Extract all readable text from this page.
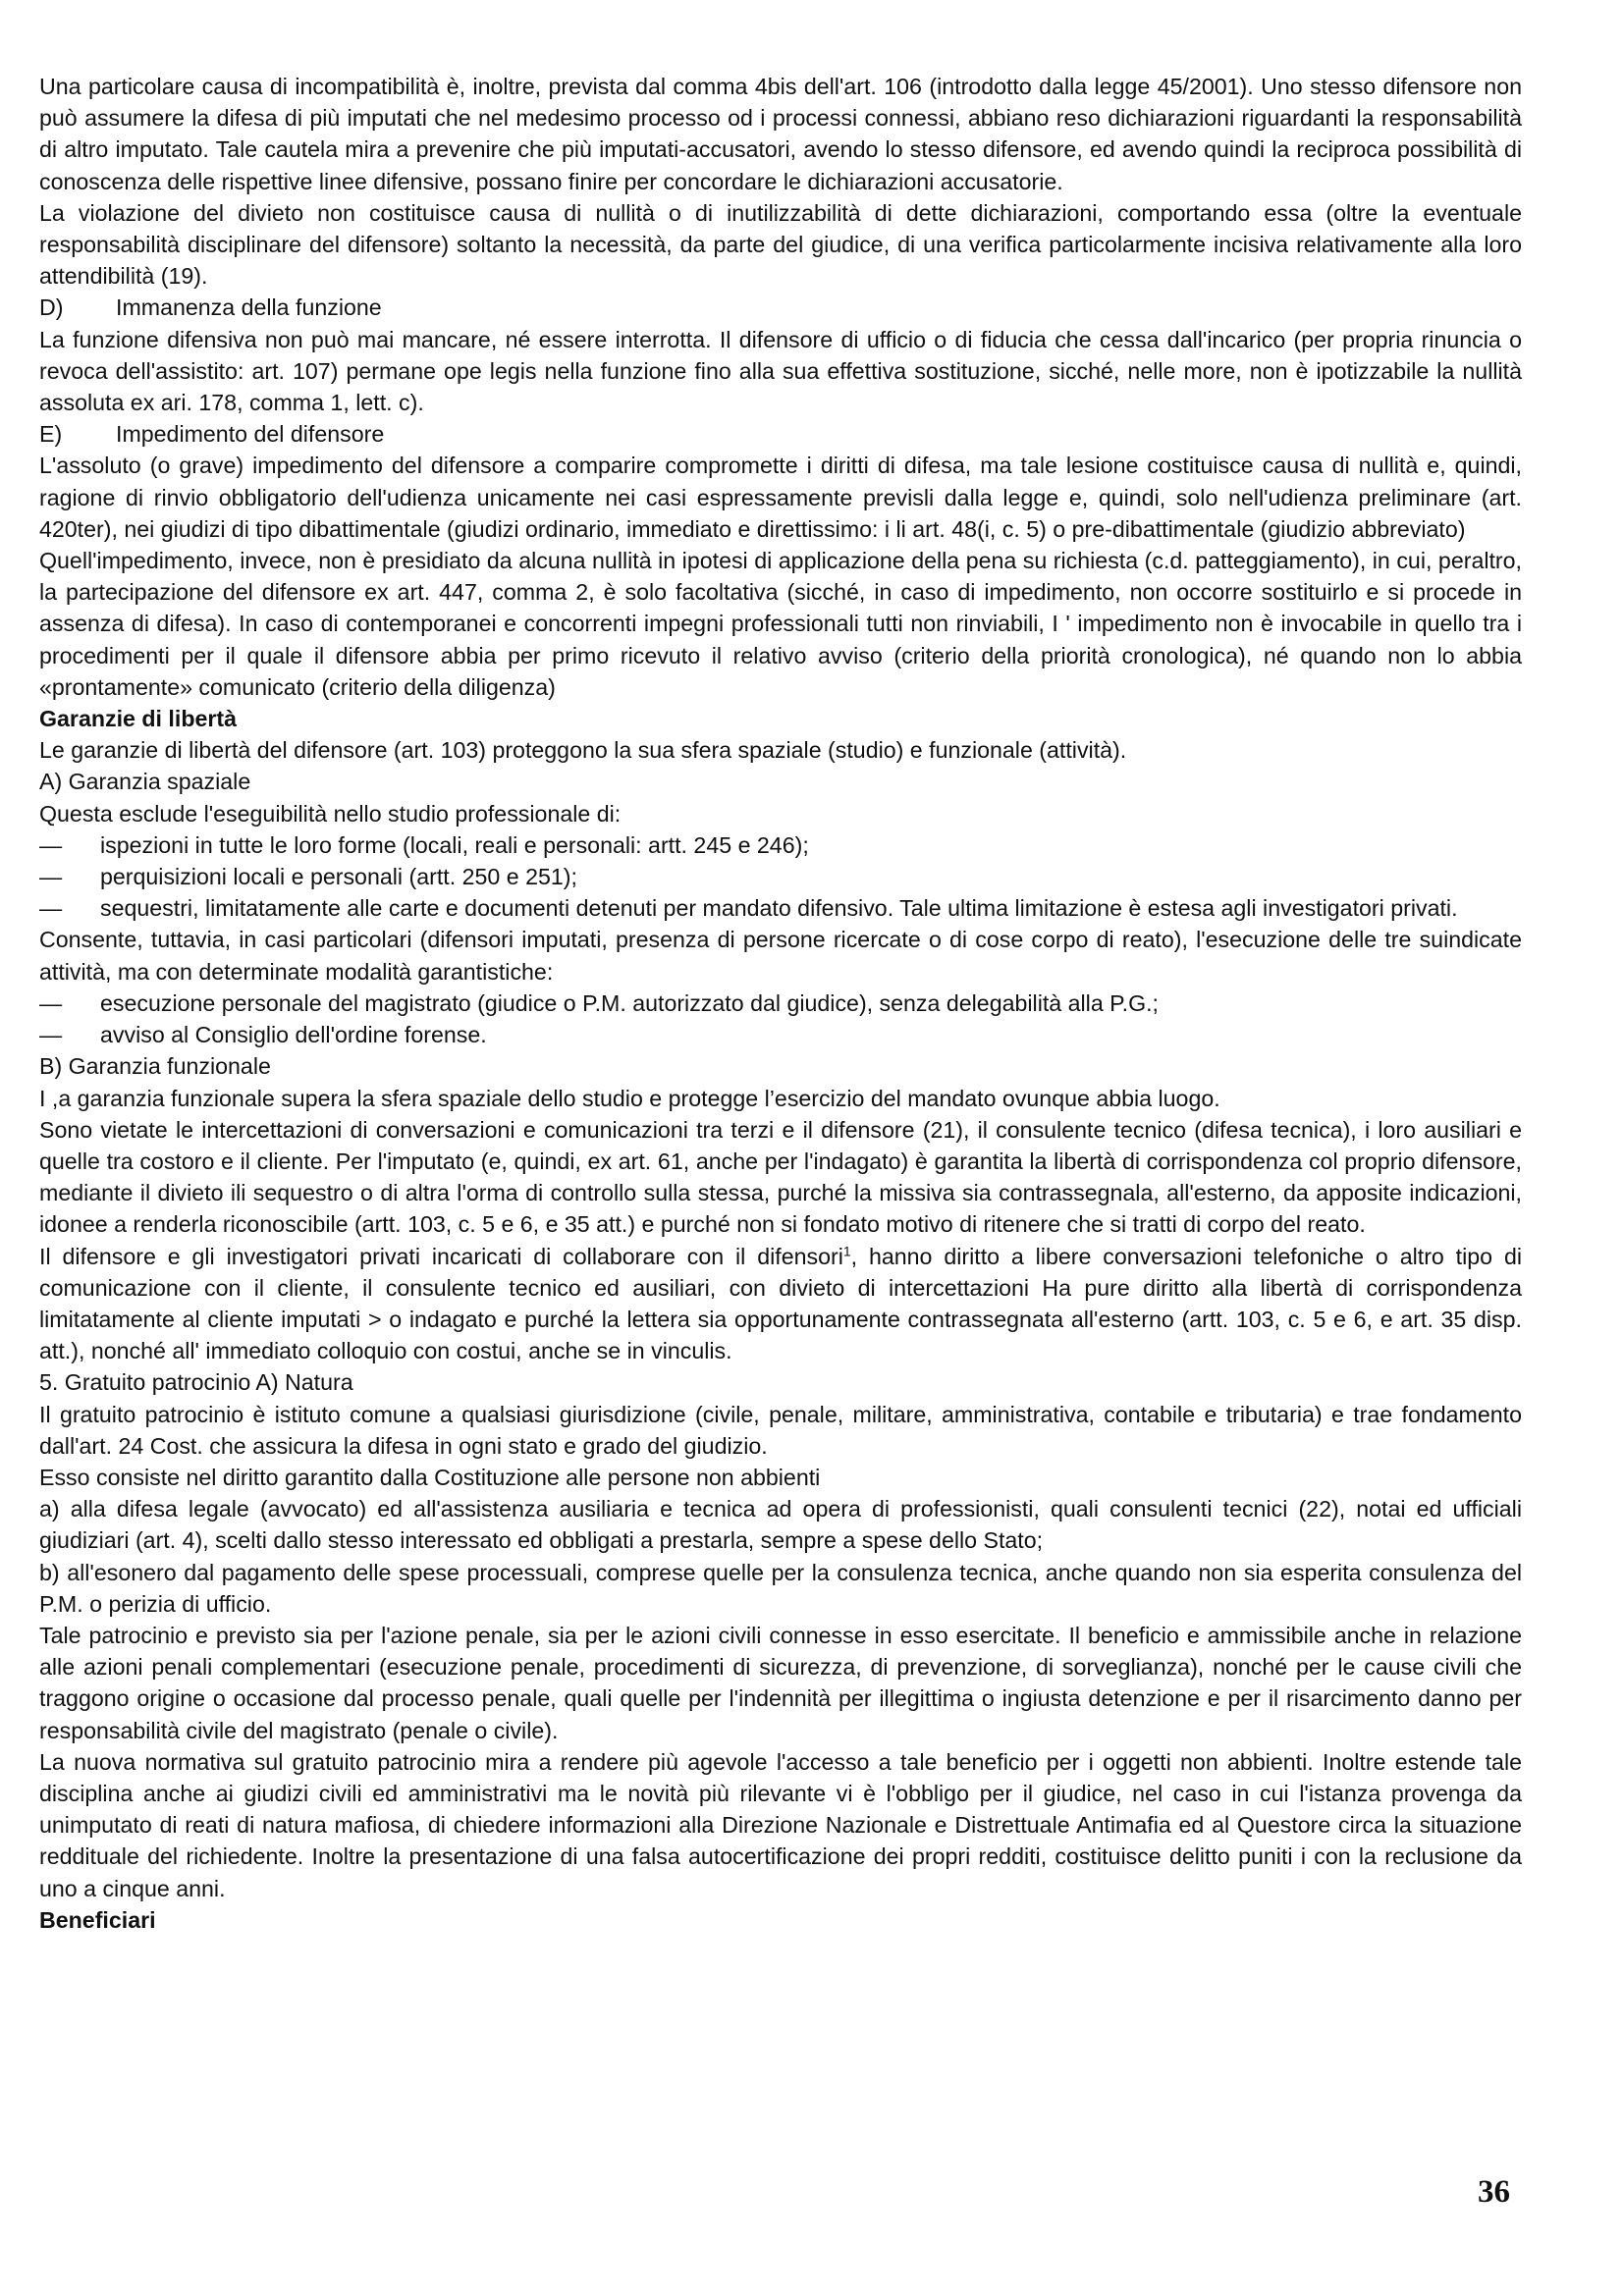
Una particolare causa di incompatibilità è, inoltre, prevista dal comma 4bis dell'art. 106 (introdotto dalla legge 45/2001). Uno stesso difensore non può assumere la difesa di più imputati che nel medesimo processo od i processi connessi, abbiano reso dichiarazioni riguardanti la responsabilità di altro imputato. Tale cautela mira a prevenire che più imputati-accusatori, avendo lo stesso difensore, ed avendo quindi la reciproca possibilità di conoscenza delle rispettive linee difensive, possano finire per concordare le dichiarazioni accusatorie.

La violazione del divieto non costituisce causa di nullità o di inutilizzabilità di dette dichiarazioni, comportando essa (oltre la eventuale responsabilità disciplinare del difensore) soltanto la necessità, da parte del giudice, di una verifica particolarmente incisiva relativamente alla loro attendibilità (19).

D) Immanenza della funzione

La funzione difensiva non può mai mancare, né essere interrotta. Il difensore di ufficio o di fiducia che cessa dall'incarico (per propria rinuncia o revoca dell'assistito: art. 107) permane ope legis nella funzione fino alla sua effettiva sostituzione, sicché, nelle more, non è ipotizzabile la nullità assoluta ex ari. 178, comma 1, lett. c).

E) Impedimento del difensore

L'assoluto (o grave) impedimento del difensore a comparire compromette i diritti di difesa, ma tale lesione costituisce causa di nullità e, quindi, ragione di rinvio obbligatorio dell'udienza unicamente nei casi espressamente previsli dalla legge e, quindi, solo nell'udienza preliminare (art. 420ter), nei giudizi di tipo dibattimentale (giudizi ordinario, immediato e direttissimo: i li art. 48(i, c. 5) o pre-dibattimentale (giudizio abbreviato)

Quell'impedimento, invece, non è presidiato da alcuna nullità in ipotesi di applicazione della pena su richiesta (c.d. patteggiamento), in cui, peraltro, la partecipazione del difensore ex art. 447, comma 2, è solo facoltativa (sicché, in caso di impedimento, non occorre sostituirlo e si procede in assenza di difesa). In caso di contemporanei e concorrenti impegni professionali tutti non rinviabili, I ' impedimento non è invocabile in quello tra i procedimenti per il quale il difensore abbia per primo ricevuto il relativo avviso (criterio della priorità cronologica), né quando non lo abbia «prontamente» comunicato (criterio della diligenza)

Garanzie di libertà

Le garanzie di libertà del difensore (art. 103) proteggono la sua sfera spaziale (studio) e funzionale (attività).

A) Garanzia spaziale

Questa esclude l'eseguibilità nello studio professionale di:

— ispezioni in tutte le loro forme (locali, reali e personali: artt. 245 e 246);

— perquisizioni locali e personali (artt. 250 e 251);

— sequestri, limitatamente alle carte e documenti detenuti per mandato difensivo. Tale ultima limitazione è estesa agli investigatori privati.

Consente, tuttavia, in casi particolari (difensori imputati, presenza di persone ricercate o di cose corpo di reato), l'esecuzione delle tre suindicate attività, ma con determinate modalità garantistiche:

— esecuzione personale del magistrato (giudice o P.M. autorizzato dal giudice), senza delegabilità alla P.G.;

— avviso al Consiglio dell'ordine forense.

B) Garanzia funzionale

I ,a garanzia funzionale supera la sfera spaziale dello studio e protegge l’esercizio del mandato ovunque abbia luogo.

Sono vietate le intercettazioni di conversazioni e comunicazioni tra terzi e il difensore (21), il consulente tecnico (difesa tecnica), i loro ausiliari e quelle tra costoro e il cliente. Per l'imputato (e, quindi, ex art. 61, anche per l'indagato) è garantita la libertà di corrispondenza col proprio difensore, mediante il divieto ili sequestro o di altra l'orma di controllo sulla stessa, purché la missiva sia contrassegnala, all'esterno, da apposite indicazioni, idonee a renderla riconoscibile (artt. 103, c. 5 e 6, e 35 att.) e purché non si fondato motivo di ritenere che si tratti di corpo del reato.

Il difensore e gli investigatori privati incaricati di collaborare con il difensori$^1$, hanno diritto a libere conversazioni telefoniche o altro tipo di comunicazione con il cliente, il consulente tecnico ed ausiliari, con divieto di intercettazioni Ha pure diritto alla libertà di corrispondenza limitatamente al cliente imputati > o indagato e purché la lettera sia opportunamente contrassegnata all'esterno (artt. 103, c. 5 e 6, e art. 35 disp. att.), nonché all' immediato colloquio con costui, anche se in vinculis.

5. Gratuito patrocinio A) Natura

Il gratuito patrocinio è istituto comune a qualsiasi giurisdizione (civile, penale, militare, amministrativa, contabile e tributaria) e trae fondamento dall'art. 24 Cost. che assicura la difesa in ogni stato e grado del giudizio.

Esso consiste nel diritto garantito dalla Costituzione alle persone non abbienti

a) alla difesa legale (avvocato) ed all'assistenza ausiliaria e tecnica ad opera di professionisti, quali consulenti tecnici (22), notai ed ufficiali giudiziari (art. 4), scelti dallo stesso interessato ed obbligati a prestarla, sempre a spese dello Stato;

b) all'esonero dal pagamento delle spese processuali, comprese quelle per la consulenza tecnica, anche quando non sia esperita consulenza del P.M. o perizia di ufficio.

Tale patrocinio e previsto sia per l'azione penale, sia per le azioni civili connesse in esso esercitate. Il beneficio e ammissibile anche in relazione alle azioni penali complementari (esecuzione penale, procedimenti di sicurezza, di prevenzione, di sorveglianza), nonché per le cause civili che traggono origine o occasione dal processo penale, quali quelle per l'indennità per illegittima o ingiusta detenzione e per il risarcimento danno per responsabilità civile del magistrato (penale o civile).

La nuova normativa sul gratuito patrocinio mira a rendere più agevole l'accesso a tale beneficio per i oggetti non abbienti. Inoltre estende tale disciplina anche ai giudizi civili ed amministrativi ma le novità più rilevante vi è l'obbligo per il giudice, nel caso in cui l'istanza provenga da unimputato di reati di natura mafiosa, di chiedere informazioni alla Direzione Nazionale e Distrettuale Antimafia ed al Questore circa la situazione reddituale del richiedente. Inoltre la presentazione di una falsa autocertificazione dei propri redditi, costituisce delitto puniti i con la reclusione da uno a cinque anni.

Beneficiari

36
